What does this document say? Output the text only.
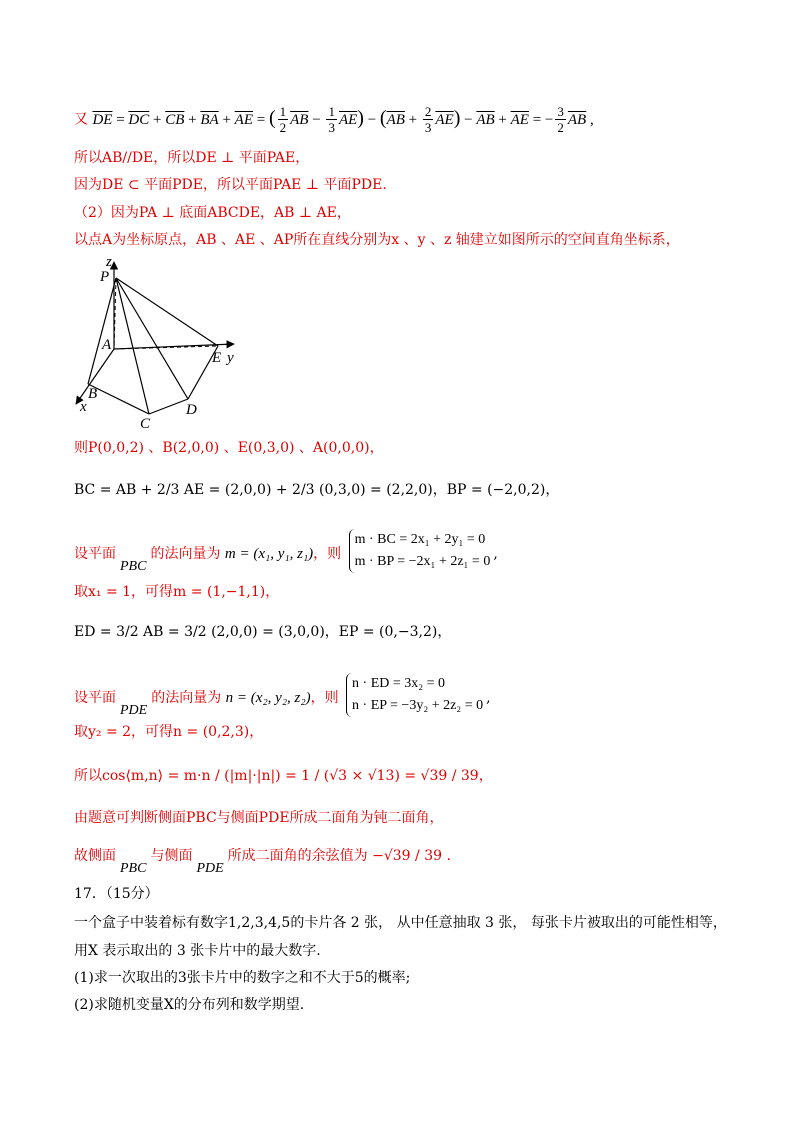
又 $\overline{DE} = \overline{DC} + \overline{CB} + \overline{BA} + \overline{AE}$ = ( $\frac{1}{2} \overline{AB} - \frac{1}{3} \overline{AE}) - (\overline{AB} + \frac{2}{3} \overline{AE}) - \overline{AB} + \overline{AE}$ = − $\frac{3}{2} \overline{AB}$ ,
所以AB//DE，所以DE ⊥ 平面PAE，
因为DE ⊂ 平面PDE，所以平面PAE ⊥ 平面PDE.
（2）因为PA ⊥ 底面ABCDE，AB ⊥ AE，
以点A为坐标原点，AB 、AE 、AP所在直线分别为x 、y 、z 轴建立如图所示的空间直角坐标系，
z
P
A
E y
B
x
C
D
则P(0,0,2) 、B(2,0,0) 、E(0,3,0) 、A(0,0,0)，
BC = AB + 2/3 AE = (2,0,0) + 2/3 (0,3,0) = (2,2,0)，BP = (−2,0,2)，
设平面PBC的法向量为 m = (x₁, y₁, z₁)，则
m · BC = 2x₁ + 2y₁ = 0
m · BP = −2x₁ + 2z₁ = 0 ,
取x₁ = 1，可得m = (1,−1,1)，
ED = 3/2 AB = 3/2 (2,0,0) = (3,0,0)，EP = (0,−3,2)，
设平面PDE的法向量为 n = (x₂, y₂, z₂)，则
n · ED = 3x₂ = 0
n · EP = −3y₂ + 2z₂ = 0 ,
取y₂ = 2，可得n = (0,2,3)，
所以cos⟨m,n⟩ = m·n / (|m|·|n|) = 1 / (√3 × √13) = √39 / 39，
由题意可判断侧面PBC与侧面PDE所成二面角为钝二面角，
故侧面PBC与侧面PDE所成二面角的余弦值为 −√39 / 39 .
17．（15分）
一个盒子中装着标有数字1,2,3,4,5的卡片各 2 张， 从中任意抽取 3 张， 每张卡片被取出的可能性相等，
用X 表示取出的 3 张卡片中的最大数字.
(1)求一次取出的3张卡片中的数字之和不大于5的概率;
(2)求随机变量X的分布列和数学期望.
